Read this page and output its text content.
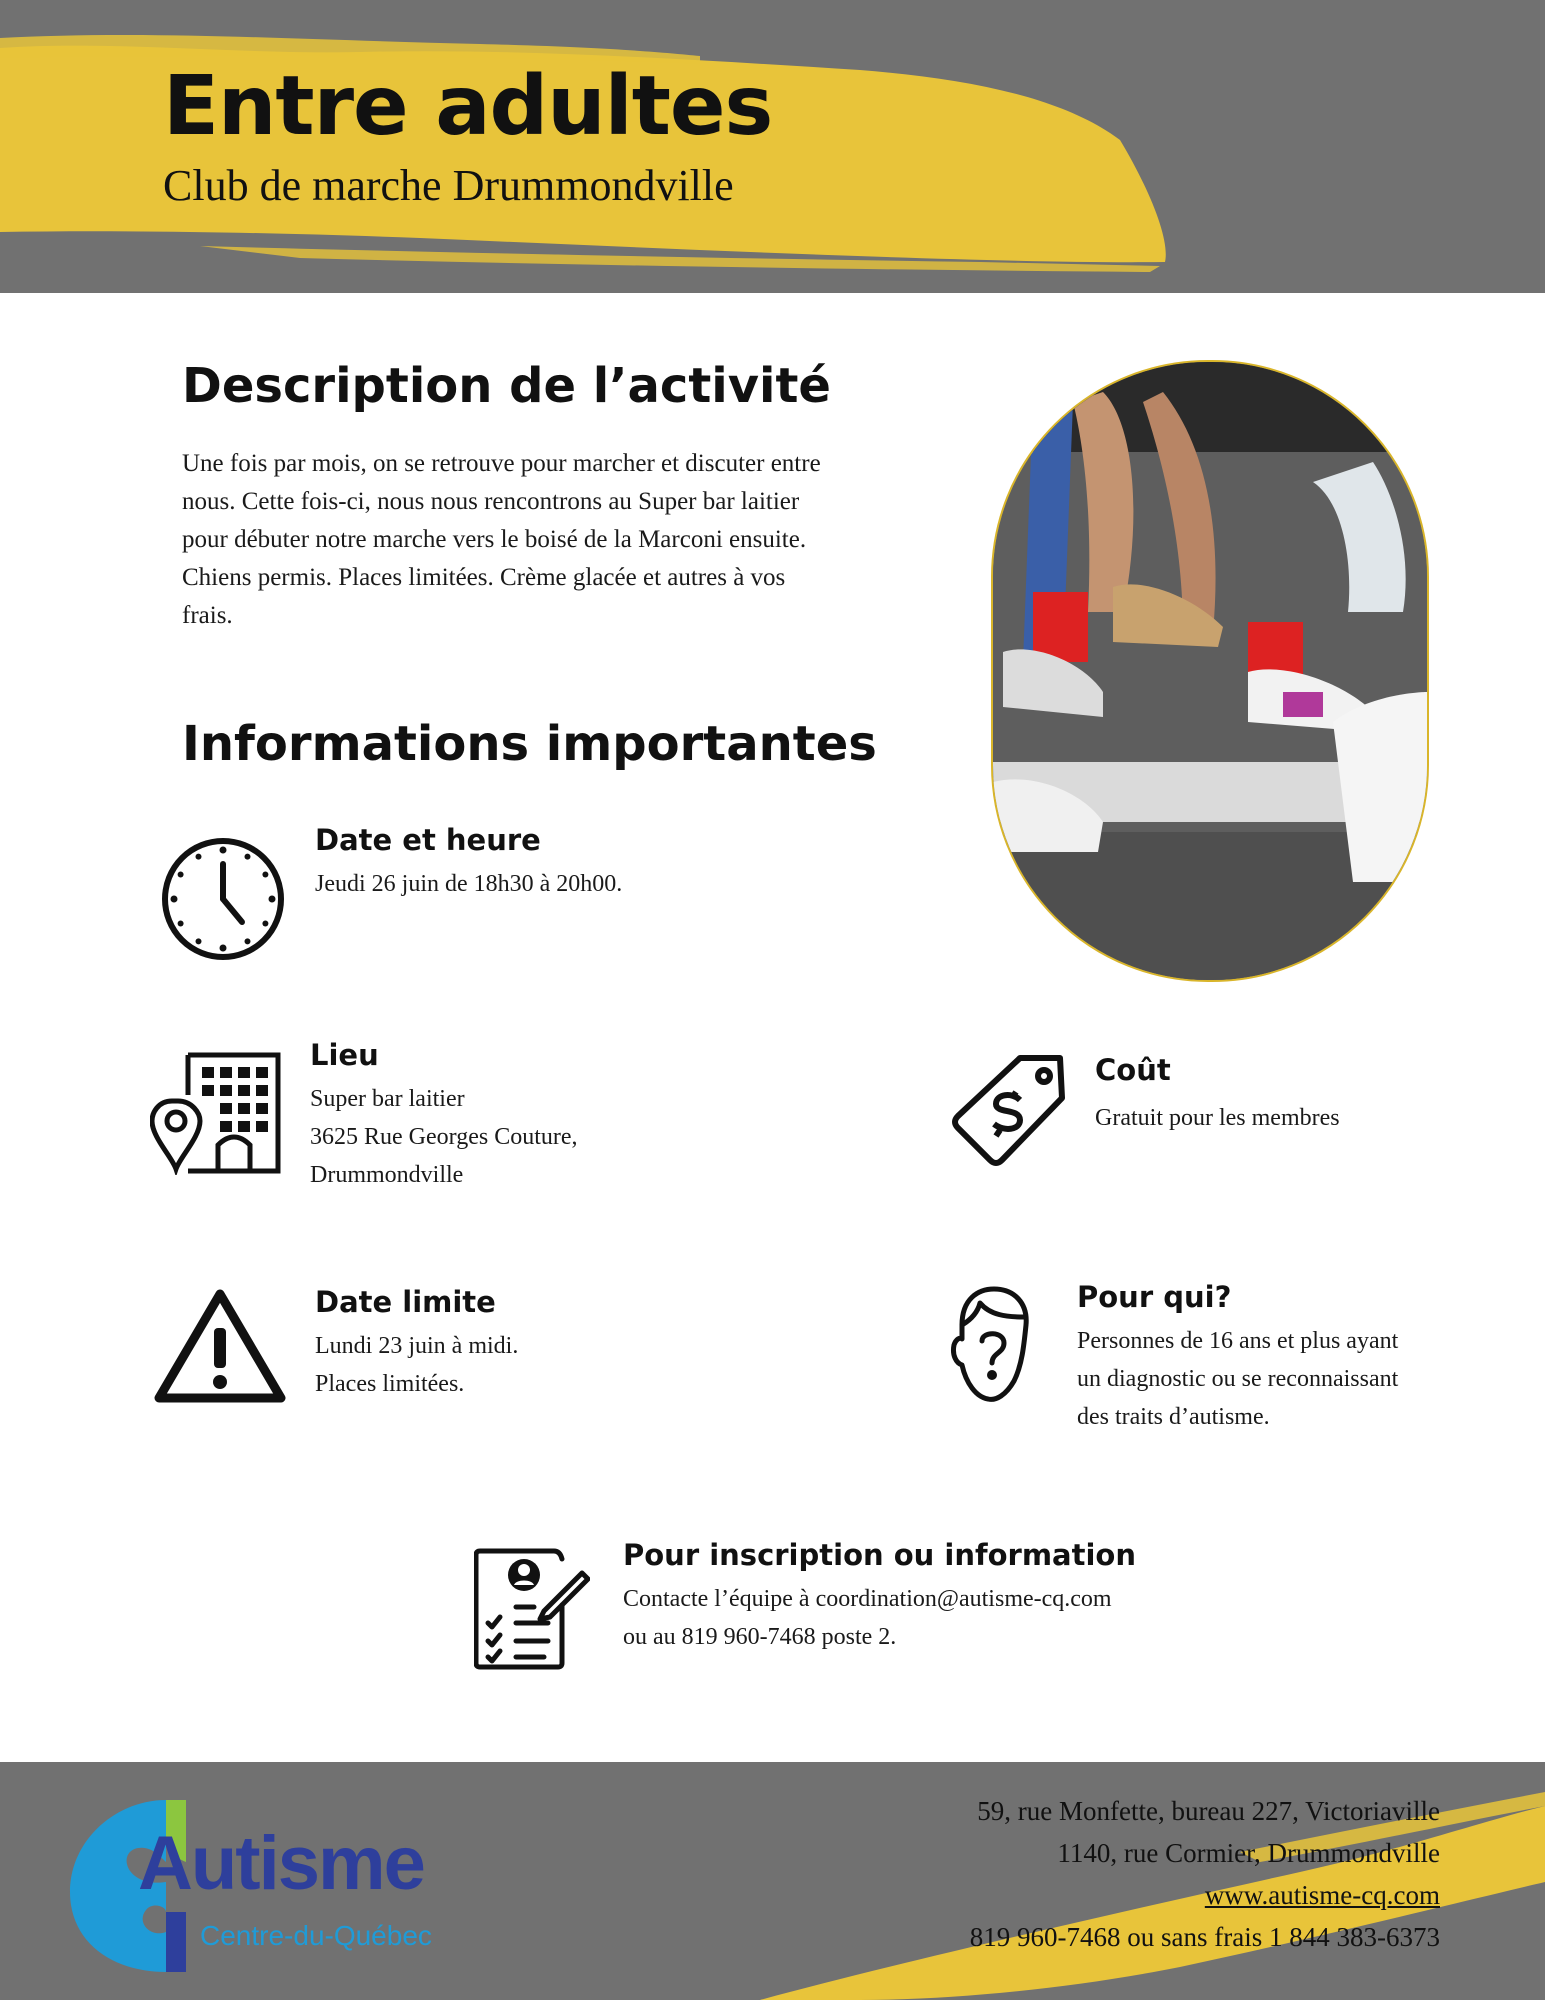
Entre adultes

Club de marche Drummondville

Description de l’activité

Une fois par mois, on se retrouve pour marcher et discuter entre nous. Cette fois-ci, nous nous rencontrons au Super bar laitier pour débuter notre marche vers le boisé de la Marconi ensuite. Chiens permis. Places limitées. Crème glacée et autres à vos frais.

Informations importantes
Date et heure

Jeudi 26 juin de 18h30 à 20h00.

Lieu

Super bar laitier

3625 Rue Georges Couture,

Drummondville

Coût

Gratuit pour les membres

Date limite

Lundi 23 juin à midi.

Places limitées.

Pour qui?

Personnes de 16 ans et plus ayant

un diagnostic ou se reconnaissant

des traits d’autisme.

Pour inscription ou information

Contacte l’équipe à coordination@autisme-cq.com

ou au 819 960-7468 poste 2.

Autisme
Centre-du-Québec
59, rue Monfette, bureau 227, Victoriaville
1140, rue Cormier, Drummondville
www.autisme-cq.com
819 960-7468 ou sans frais 1 844 383-6373
